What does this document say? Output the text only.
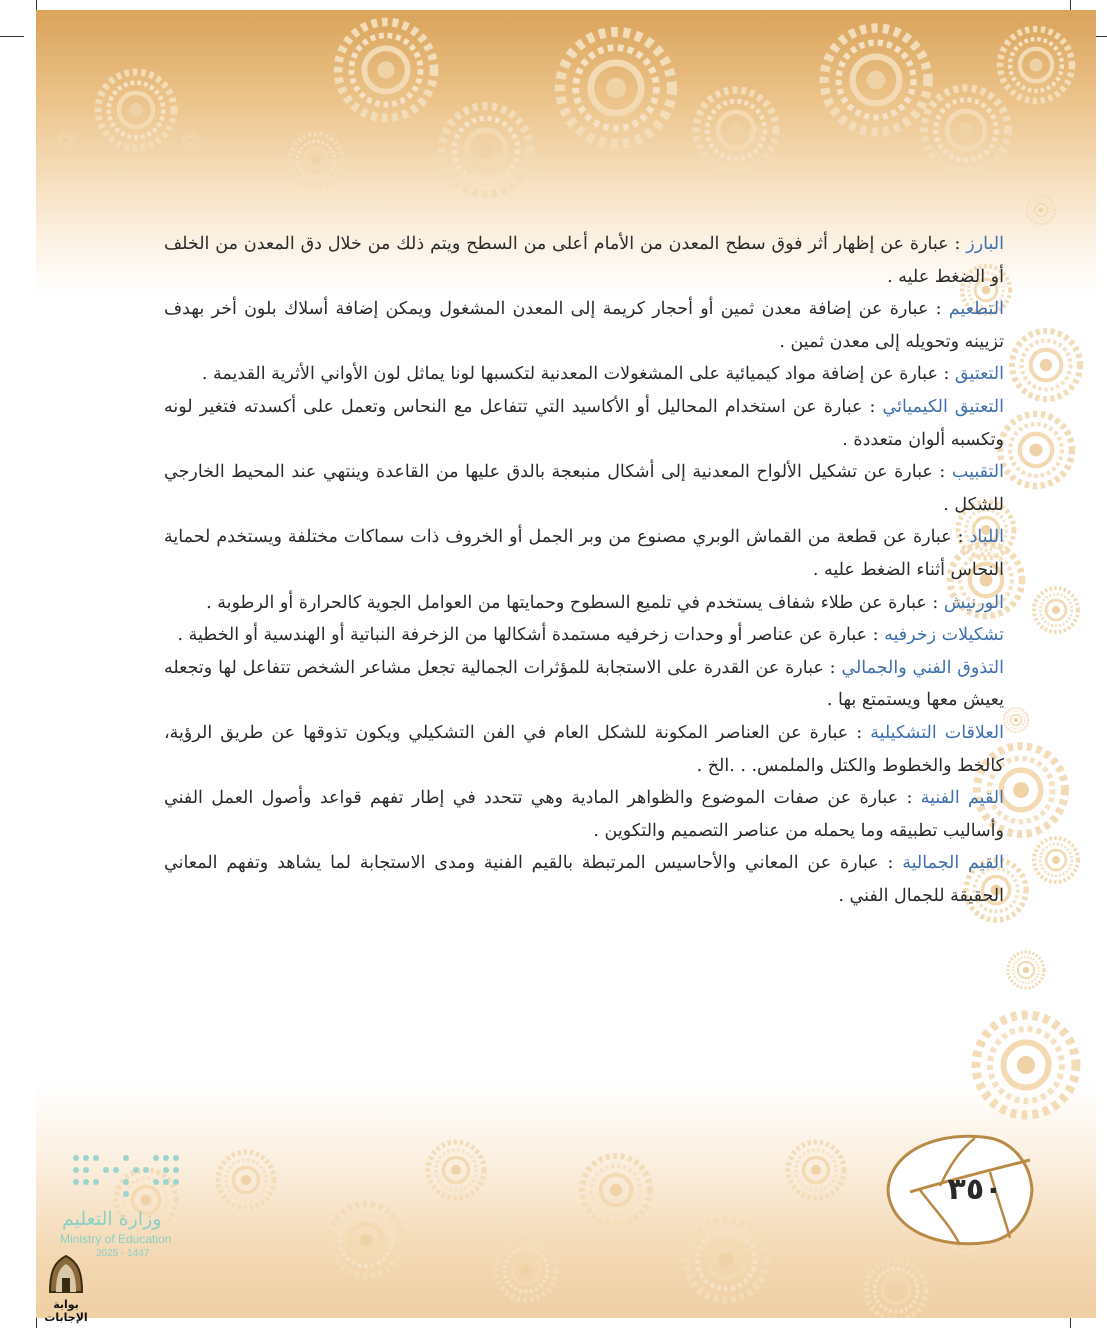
البارز : عبارة عن إظهار أثر فوق سطح المعدن من الأمام أعلى من السطح ويتم ذلك من خلال دق المعدن من الخلف أو الضغط عليه .

التطعيم : عبارة عن إضافة معدن ثمين أو أحجار كريمة إلى المعدن المشغول ويمكن إضافة أسلاك بلون أخر بهدف تزيينه وتحويله إلى معدن ثمين .

التعتيق : عبارة عن إضافة مواد كيميائية على المشغولات المعدنية لتكسبها لونا يماثل لون الأواني الأثرية القديمة .

التعتيق الكيميائي : عبارة عن استخدام المحاليل أو الأكاسيد التي تتفاعل مع النحاس وتعمل على أكسدته فتغير لونه وتكسبه ألوان متعددة .

التقبيب : عبارة عن تشكيل الألواح المعدنية إلى أشكال منبعجة بالدق عليها من القاعدة وينتهي عند المحيط الخارجي للشكل .

اللباد : عبارة عن قطعة من القماش الوبري مصنوع من وبر الجمل أو الخروف ذات سماكات مختلفة ويستخدم لحماية النحاس أثناء الضغط عليه .

الورنيش : عبارة عن طلاء شفاف يستخدم في تلميع السطوح وحمايتها من العوامل الجوية كالحرارة أو الرطوبة .

تشكيلات زخرفيه : عبارة عن عناصر أو وحدات زخرفيه مستمدة أشكالها من الزخرفة النباتية أو الهندسية أو الخطية .

التذوق الفني والجمالي : عبارة عن القدرة على الاستجابة للمؤثرات الجمالية تجعل مشاعر الشخص تتفاعل لها وتجعله يعيش معها ويستمتع بها .

العلاقات التشكيلية : عبارة عن العناصر المكونة للشكل العام في الفن التشكيلي ويكون تذوقها عن طريق الرؤية، كالخط والخطوط والكتل والملمس. . .الخ .

القيم الفنية : عبارة عن صفات الموضوع والظواهر المادية وهي تتحدد في إطار تفهم قواعد وأصول العمل الفني وأساليب تطبيقه وما يحمله من عناصر التصميم والتكوين .

القيم الجمالية : عبارة عن المعاني والأحاسيس المرتبطة بالقيم الفنية ومدى الاستجابة لما يشاهد وتفهم المعاني الحقيقة للجمال الفني .

٣٥٠
وزارة التعليم
Ministry of Education
2025 - 1447
بوابة الإجابات
